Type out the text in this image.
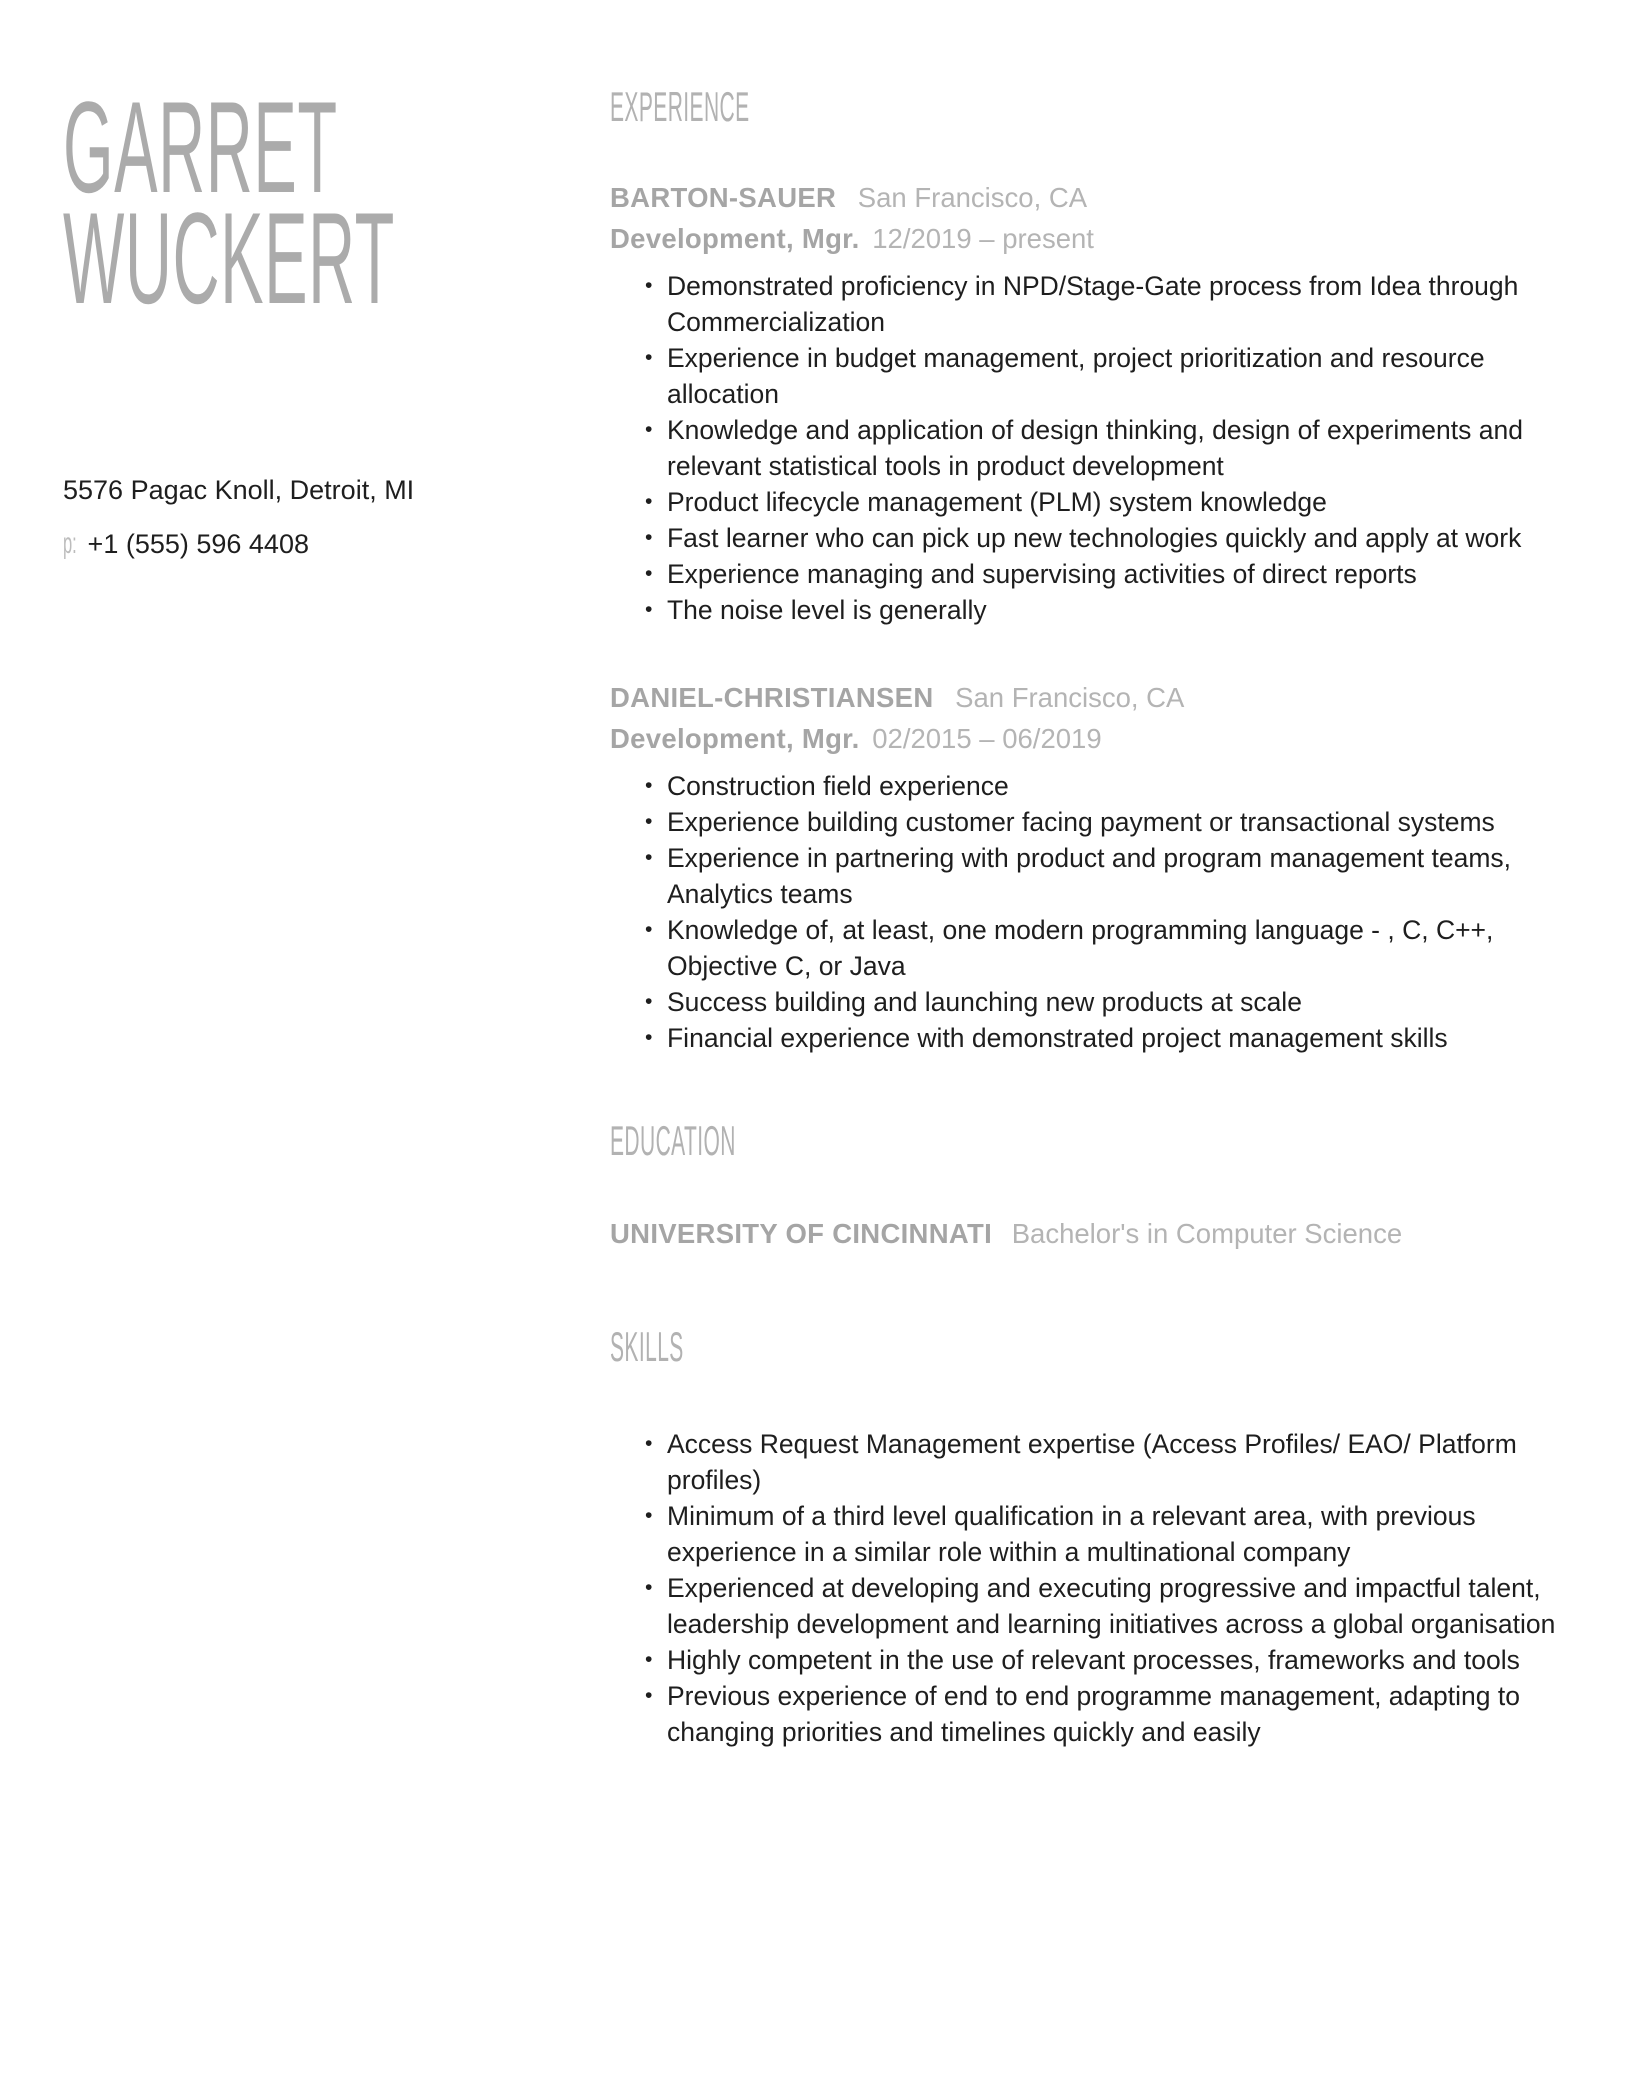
GARRET
WUCKERT
5576 Pagac Knoll, Detroit, MI
p: +1 (555) 596 4408
EXPERIENCE
BARTON-SAUER San Francisco, CA
Development, Mgr. 12/2019 – present
• Demonstrated proficiency in NPD/Stage-Gate process from Idea through Commercialization
• Experience in budget management, project prioritization and resource allocation
• Knowledge and application of design thinking, design of experiments and relevant statistical tools in product development
• Product lifecycle management (PLM) system knowledge
• Fast learner who can pick up new technologies quickly and apply at work
• Experience managing and supervising activities of direct reports
• The noise level is generally
DANIEL-CHRISTIANSEN San Francisco, CA
Development, Mgr. 02/2015 – 06/2019
• Construction field experience
• Experience building customer facing payment or transactional systems
• Experience in partnering with product and program management teams, Analytics teams
• Knowledge of, at least, one modern programming language - , C, C++, Objective C, or Java
• Success building and launching new products at scale
• Financial experience with demonstrated project management skills
EDUCATION
UNIVERSITY OF CINCINNATI Bachelor's in Computer Science
SKILLS
• Access Request Management expertise (Access Profiles/ EAO/ Platform profiles)
• Minimum of a third level qualification in a relevant area, with previous experience in a similar role within a multinational company
• Experienced at developing and executing progressive and impactful talent, leadership development and learning initiatives across a global organisation
• Highly competent in the use of relevant processes, frameworks and tools
• Previous experience of end to end programme management, adapting to changing priorities and timelines quickly and easily
